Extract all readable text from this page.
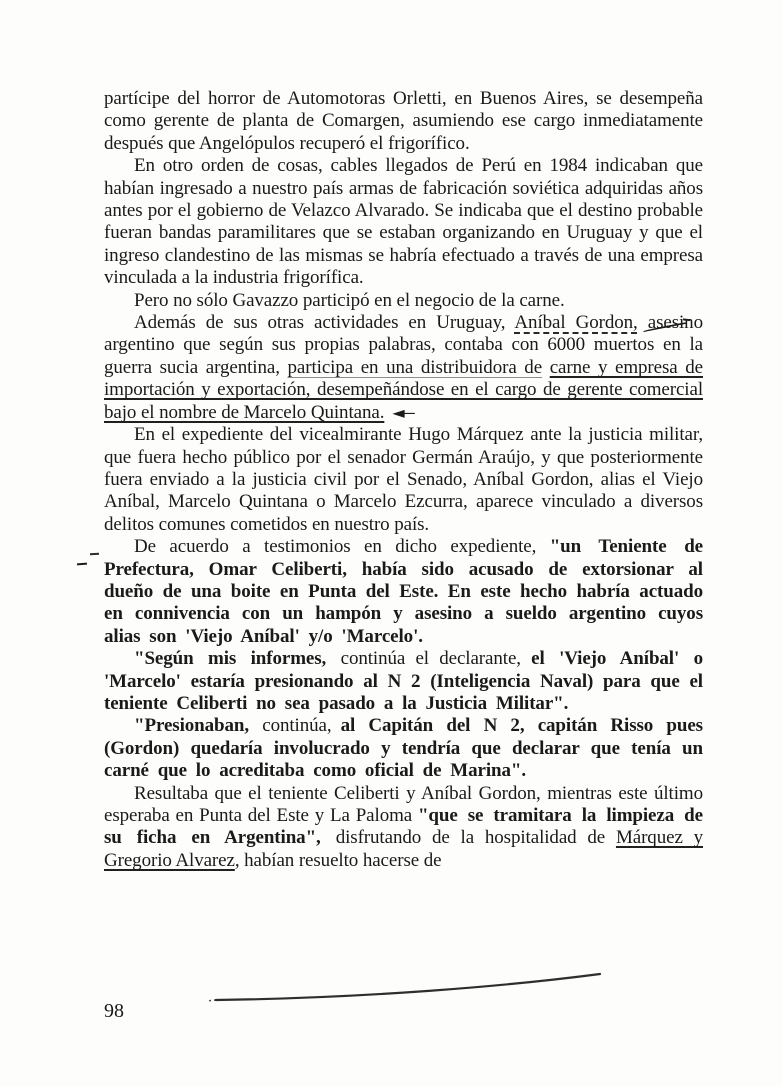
partícipe del horror de Automotoras Orletti, en Buenos Aires, se desempeña como gerente de planta de Comargen, asumiendo ese cargo inmediatamente después que Angelópulos recuperó el frigorífico.

En otro orden de cosas, cables llegados de Perú en 1984 indicaban que habían ingresado a nuestro país armas de fabricación soviética adquiridas años antes por el gobierno de Velazco Alvarado. Se indicaba que el destino probable fueran bandas paramilitares que se estaban organizando en Uruguay y que el ingreso clandestino de las mismas se habría efectuado a través de una empresa vinculada a la industria frigorífica.

Pero no sólo Gavazzo participó en el negocio de la carne.

Además de sus otras actividades en Uruguay, Aníbal Gordon, asesino argentino que según sus propias palabras, contaba con 6000 muertos en la guerra sucia argentina, participa en una distribuidora de carne y empresa de importación y exportación, desempeñándose en el cargo de gerente comercial bajo el nombre de Marcelo Quintana. ◄—

En el expediente del vicealmirante Hugo Márquez ante la justicia militar, que fuera hecho público por el senador Germán Araújo, y que posteriormente fuera enviado a la justicia civil por el Senado, Aníbal Gordon, alias el Viejo Aníbal, Marcelo Quintana o Marcelo Ezcurra, aparece vinculado a diversos delitos comunes cometidos en nuestro país.

De acuerdo a testimonios en dicho expediente, "un Teniente de Prefectura, Omar Celiberti, había sido acusado de extorsionar al dueño de una boite en Punta del Este. En este hecho habría actuado en connivencia con un hampón y asesino a sueldo argentino cuyos alias son 'Viejo Aníbal' y/o 'Marcelo'.

"Según mis informes, continúa el declarante, el 'Viejo Aníbal' o 'Marcelo' estaría presionando al N 2 (Inteligencia Naval) para que el teniente Celiberti no sea pasado a la Justicia Militar".

"Presionaban, continúa, al Capitán del N 2, capitán Risso pues (Gordon) quedaría involucrado y tendría que declarar que tenía un carné que lo acreditaba como oficial de Marina".

Resultaba que el teniente Celiberti y Aníbal Gordon, mientras este último esperaba en Punta del Este y La Paloma "que se tramitara la limpieza de su ficha en Argentina", disfrutando de la hospitalidad de Márquez y Gregorio Alvarez, habían resuelto hacerse de

98
